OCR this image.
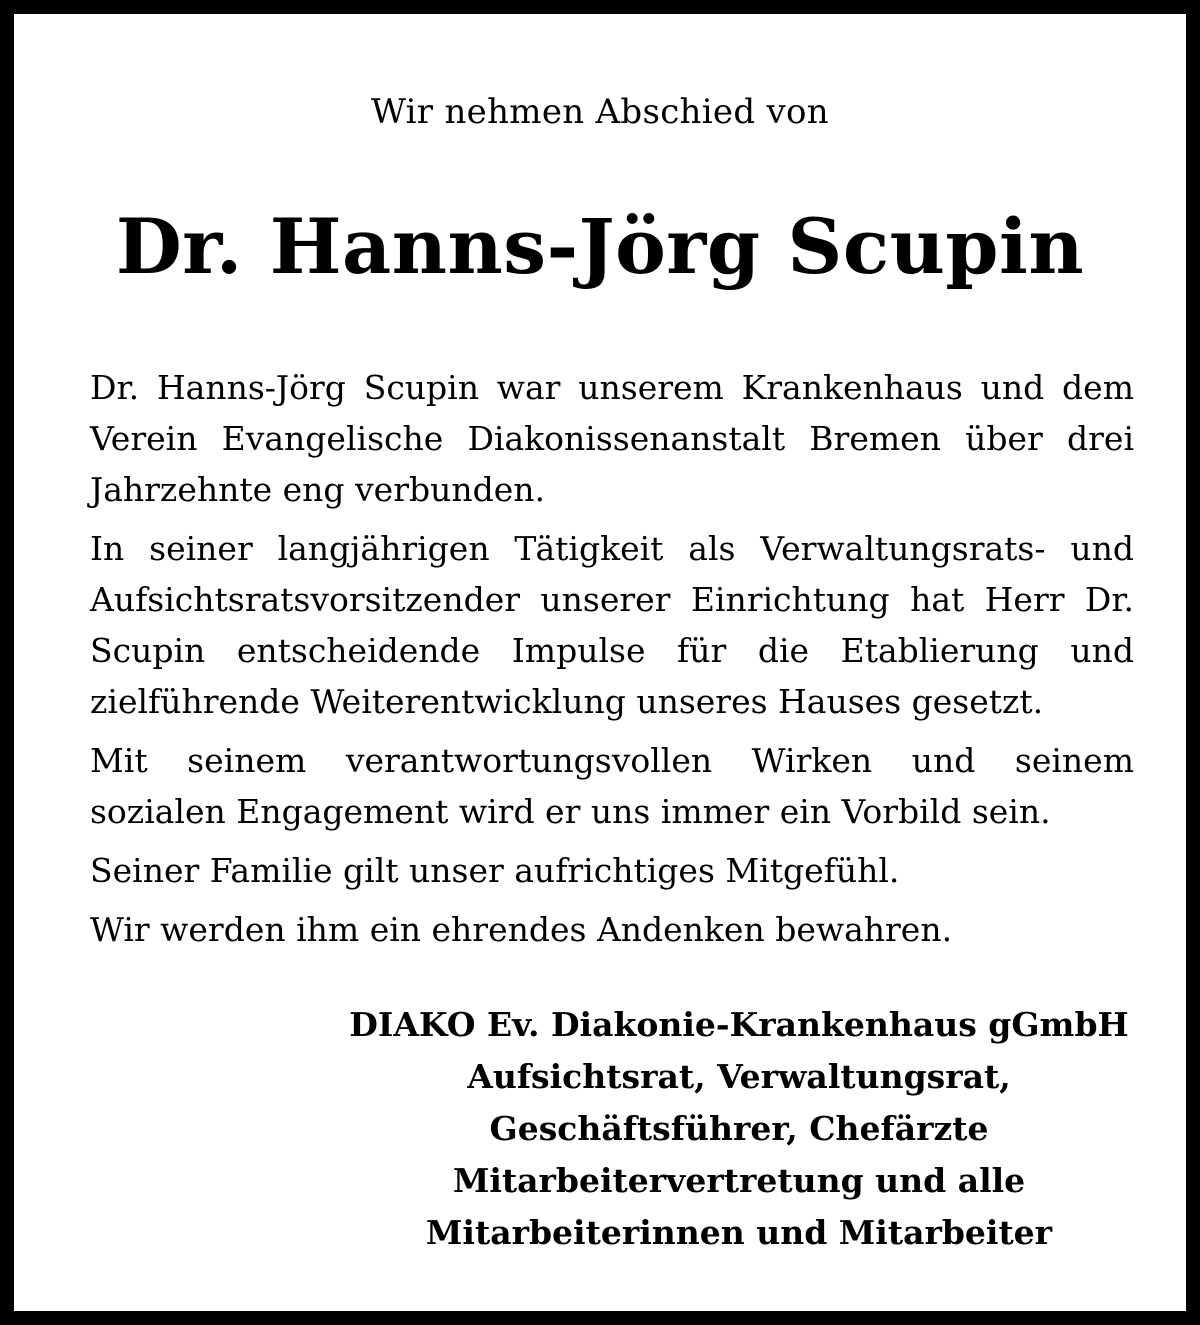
Wir nehmen Abschied von
Dr. Hanns-Jörg Scupin

Dr. Hanns-Jörg Scupin war unserem Krankenhaus und dem Verein Evangelische Diakonissenanstalt Bremen über drei Jahrzehnte eng verbunden.

In seiner langjährigen Tätigkeit als Verwaltungsrats- und Aufsichtsratsvorsitzender unserer Einrichtung hat Herr Dr. Scupin entscheidende Impulse für die Etablierung und zielführende Weiterentwicklung unseres Hauses gesetzt.

Mit seinem verantwortungsvollen Wirken und seinem sozialen Engagement wird er uns immer ein Vorbild sein.

Seiner Familie gilt unser aufrichtiges Mitgefühl.

Wir werden ihm ein ehrendes Andenken bewahren.

DIAKO Ev. Diakonie-Krankenhaus gGmbH
Aufsichtsrat, Verwaltungsrat,
Geschäftsführer, Chefärzte
Mitarbeitervertretung und alle
Mitarbeiterinnen und Mitarbeiter
